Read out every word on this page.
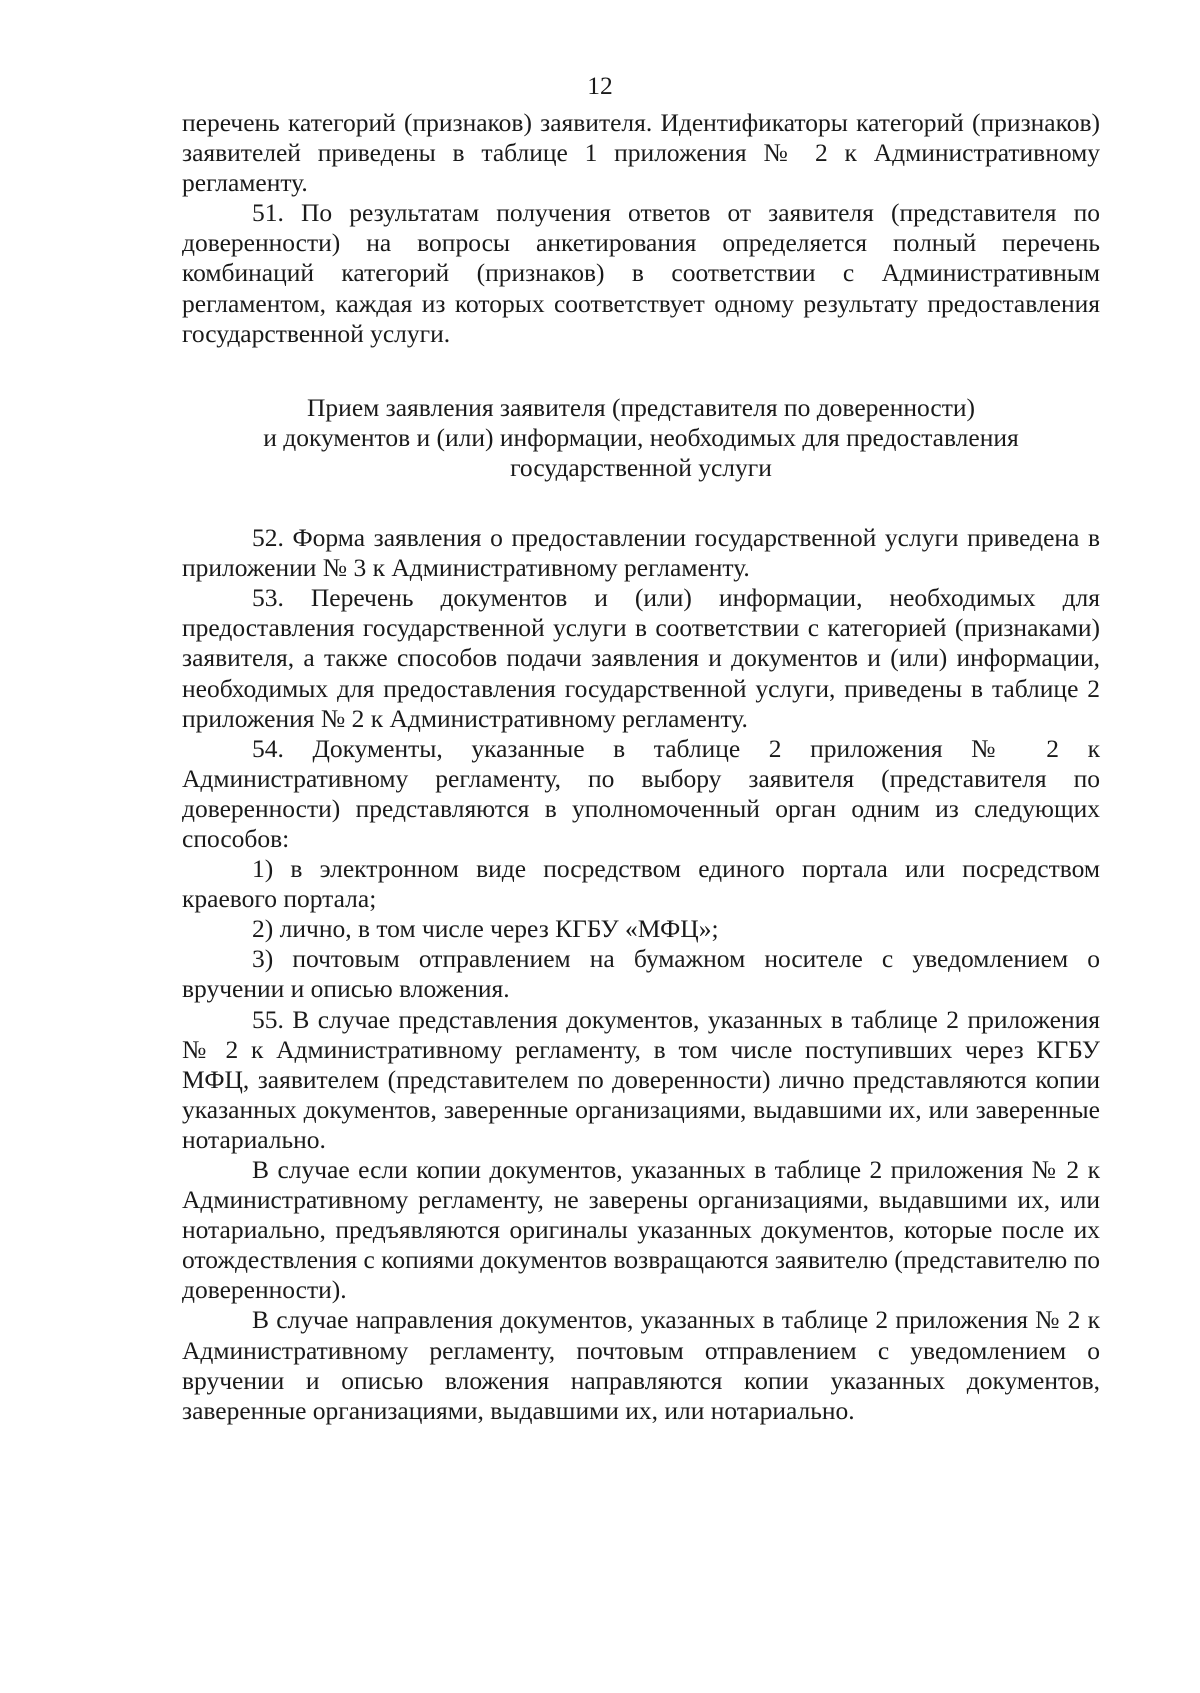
12

перечень категорий (признаков) заявителя. Идентификаторы категорий (признаков) заявителей приведены в таблице 1 приложения № 2 к Административному регламенту.

51. По результатам получения ответов от заявителя (представителя по доверенности) на вопросы анкетирования определяется полный перечень комбинаций категорий (признаков) в соответствии с Административным регламентом, каждая из которых соответствует одному результату предоставления государственной услуги.

Прием заявления заявителя (представителя по доверенности)

и документов и (или) информации, необходимых для предоставления

государственной услуги

52. Форма заявления о предоставлении государственной услуги приведена в приложении № 3 к Административному регламенту.

53. Перечень документов и (или) информации, необходимых для предоставления государственной услуги в соответствии с категорией (признаками) заявителя, а также способов подачи заявления и документов и (или) информации, необходимых для предоставления государственной услуги, приведены в таблице 2 приложения № 2 к Административному регламенту.

54. Документы, указанные в таблице 2 приложения № 2 к Административному регламенту, по выбору заявителя (представителя по доверенности) представляются в уполномоченный орган одним из следующих способов:

1) в электронном виде посредством единого портала или посредством краевого портала;

2) лично, в том числе через КГБУ «МФЦ»;

3) почтовым отправлением на бумажном носителе с уведомлением о вручении и описью вложения.

55. В случае представления документов, указанных в таблице 2 приложения № 2 к Административному регламенту, в том числе поступивших через КГБУ МФЦ, заявителем (представителем по доверенности) лично представляются копии указанных документов, заверенные организациями, выдавшими их, или заверенные нотариально.

В случае если копии документов, указанных в таблице 2 приложения № 2 к Административному регламенту, не заверены организациями, выдавшими их, или нотариально, предъявляются оригиналы указанных документов, которые после их отождествления с копиями документов возвращаются заявителю (представителю по доверенности).

В случае направления документов, указанных в таблице 2 приложения № 2 к Административному регламенту, почтовым отправлением с уведомлением о вручении и описью вложения направляются копии указанных документов, заверенные организациями, выдавшими их, или нотариально.
